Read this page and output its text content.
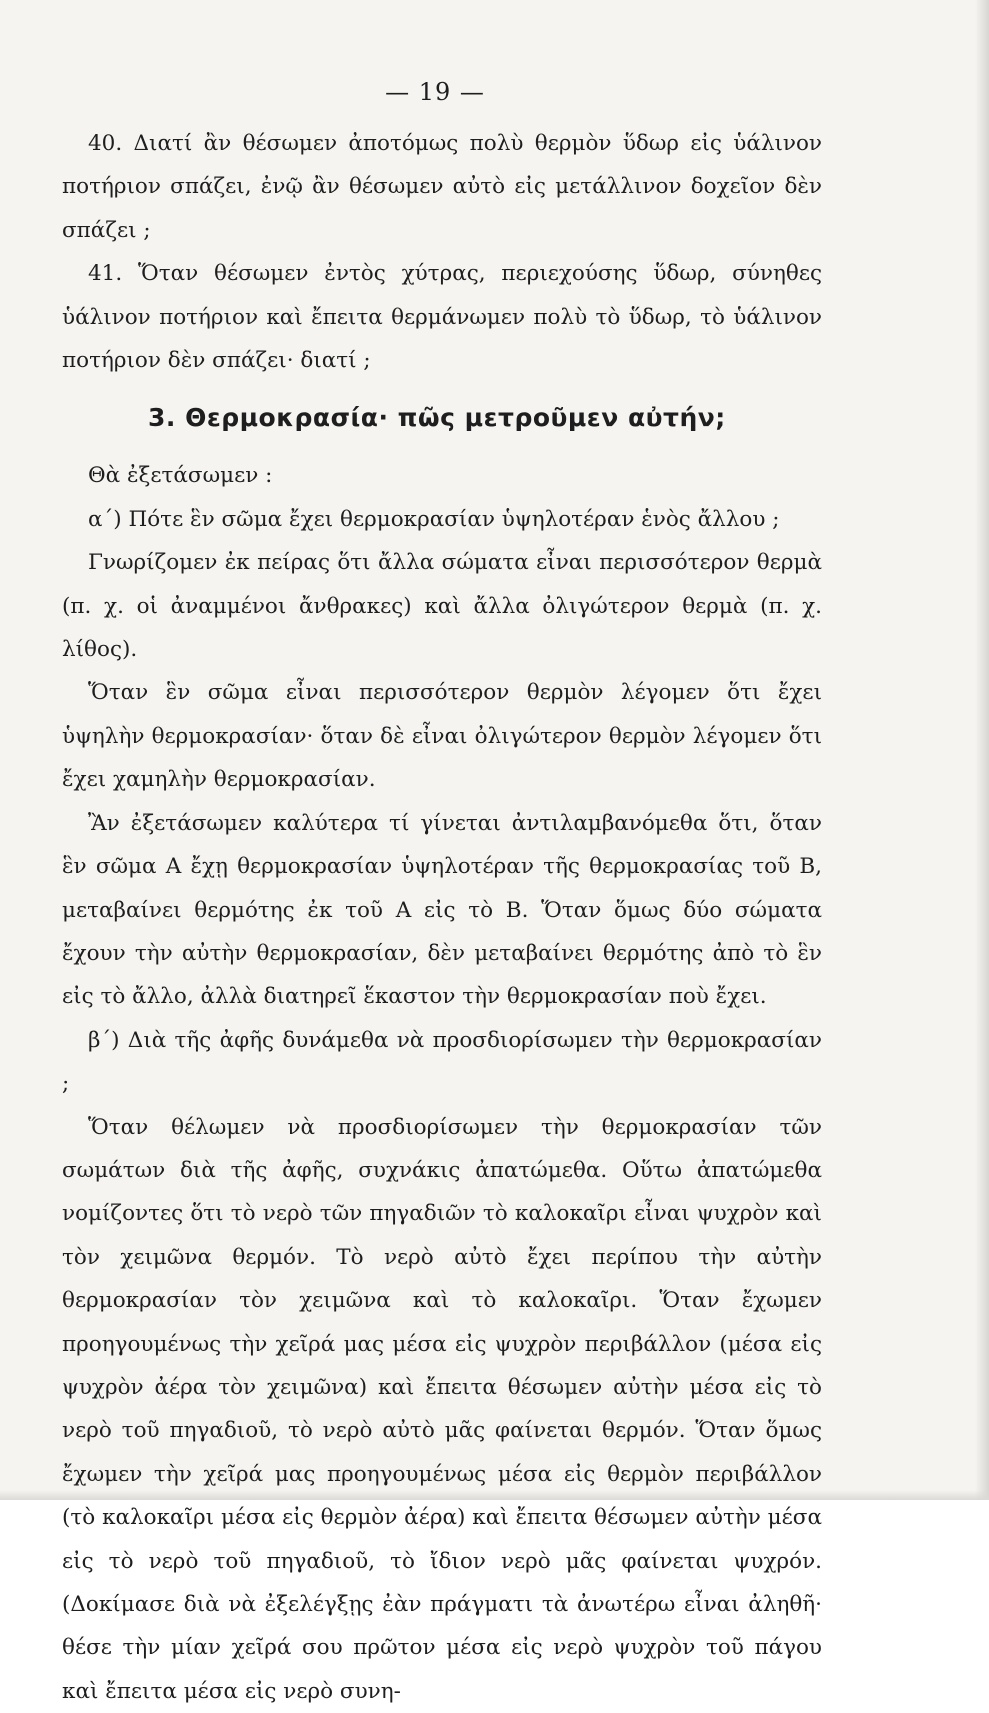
— 19 —

40. Διατί ἂν θέσωμεν ἀποτόμως πολὺ θερμὸν ὕδωρ εἰς ὑάλινον ποτήριον σπάζει, ἐνῷ ἂν θέσωμεν αὐτὸ εἰς μετάλλινον δοχεῖον δὲν σπάζει ;

41. Ὅταν θέσωμεν ἐντὸς χύτρας, περιεχούσης ὕδωρ, σύνηθες ὑάλινον ποτήριον καὶ ἔπειτα θερμάνωμεν πολὺ τὸ ὕδωρ, τὸ ὑάλινον ποτήριον δὲν σπάζει· διατί ;

3. Θερμοκρασία· πῶς μετροῦμεν αὐτήν;

Θὰ ἐξετάσωμεν :

α΄) Πότε ἓν σῶμα ἔχει θερμοκρασίαν ὑψηλοτέραν ἑνὸς ἄλλου ;

Γνωρίζομεν ἐκ πείρας ὅτι ἄλλα σώματα εἶναι περισσότερον θερμὰ (π. χ. οἱ ἀναμμένοι ἄνθρακες) καὶ ἄλλα ὀλιγώτερον θερμὰ (π. χ. λίθος).

Ὅταν ἓν σῶμα εἶναι περισσότερον θερμὸν λέγομεν ὅτι ἔχει ὑψηλὴν θερμοκρασίαν· ὅταν δὲ εἶναι ὀλιγώτερον θερμὸν λέγομεν ὅτι ἔχει χαμηλὴν θερμοκρασίαν.

Ἂν ἐξετάσωμεν καλύτερα τί γίνεται ἀντιλαμβανόμεθα ὅτι, ὅταν ἓν σῶμα Α ἔχῃ θερμοκρασίαν ὑψηλοτέραν τῆς θερμοκρασίας τοῦ Β, μεταβαίνει θερμότης ἐκ τοῦ Α εἰς τὸ Β. Ὅταν ὅμως δύο σώματα ἔχουν τὴν αὐτὴν θερμοκρασίαν, δὲν μεταβαίνει θερμότης ἀπὸ τὸ ἓν εἰς τὸ ἄλλο, ἀλλὰ διατηρεῖ ἕκαστον τὴν θερμοκρασίαν ποὺ ἔχει.

β΄) Διὰ τῆς ἀφῆς δυνάμεθα νὰ προσδιορίσωμεν τὴν θερμοκρασίαν ;

Ὅταν θέλωμεν νὰ προσδιορίσωμεν τὴν θερμοκρασίαν τῶν σωμάτων διὰ τῆς ἀφῆς, συχνάκις ἀπατώμεθα. Οὕτω ἀπατώμεθα νομίζοντες ὅτι τὸ νερὸ τῶν πηγαδιῶν τὸ καλοκαῖρι εἶναι ψυχρὸν καὶ τὸν χειμῶνα θερμόν. Τὸ νερὸ αὐτὸ ἔχει περίπου τὴν αὐτὴν θερμοκρασίαν τὸν χειμῶνα καὶ τὸ καλοκαῖρι. Ὅταν ἔχωμεν προηγουμένως τὴν χεῖρά μας μέσα εἰς ψυχρὸν περιβάλλον (μέσα εἰς ψυχρὸν ἀέρα τὸν χειμῶνα) καὶ ἔπειτα θέσωμεν αὐτὴν μέσα εἰς τὸ νερὸ τοῦ πηγαδιοῦ, τὸ νερὸ αὐτὸ μᾶς φαίνεται θερμόν. Ὅταν ὅμως ἔχωμεν τὴν χεῖρά μας προηγουμένως μέσα εἰς θερμὸν περιβάλλον (τὸ καλοκαῖρι μέσα εἰς θερμὸν ἀέρα) καὶ ἔπειτα θέσωμεν αὐτὴν μέσα εἰς τὸ νερὸ τοῦ πηγαδιοῦ, τὸ ἴδιον νερὸ μᾶς φαίνεται ψυχρόν. (Δοκίμασε διὰ νὰ ἐξελέγξῃς ἐὰν πράγματι τὰ ἀνωτέρω εἶναι ἀληθῆ· θέσε τὴν μίαν χεῖρά σου πρῶτον μέσα εἰς νερὸ ψυχρὸν τοῦ πάγου καὶ ἔπειτα μέσα εἰς νερὸ συνη-
